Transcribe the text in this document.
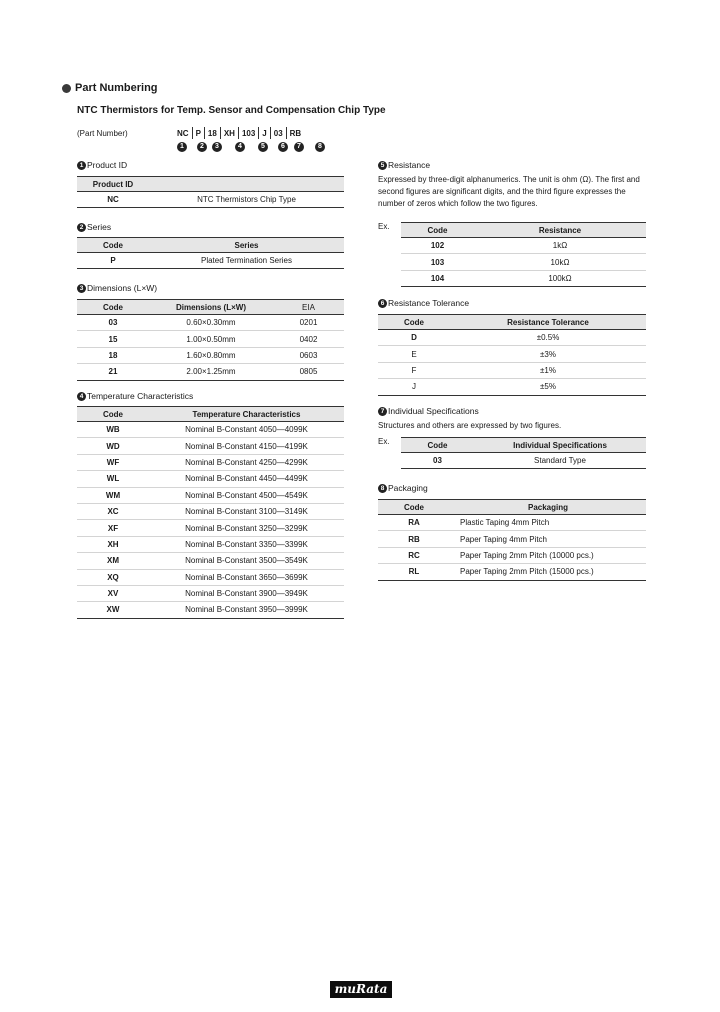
Part Numbering
NTC Thermistors for Temp. Sensor and Compensation Chip Type
(Part Number)	NC P 18 XH 103 J 03 RB
1	2	3	4	5	6	7	8
1 Product ID
Product ID	
NC	NTC Thermistors Chip Type
2 Series
Code	Series
P	Plated Termination Series
3 Dimensions (L×W)
Code	Dimensions (L×W)	EIA
03	0.60×0.30mm	0201
15	1.00×0.50mm	0402
18	1.60×0.80mm	0603
21	2.00×1.25mm	0805
4 Temperature Characteristics
Code	Temperature Characteristics
WB	Nominal B-Constant 4050—4099K
WD	Nominal B-Constant 4150—4199K
WF	Nominal B-Constant 4250—4299K
WL	Nominal B-Constant 4450—4499K
WM	Nominal B-Constant 4500—4549K
XC	Nominal B-Constant 3100—3149K
XF	Nominal B-Constant 3250—3299K
XH	Nominal B-Constant 3350—3399K
XM	Nominal B-Constant 3500—3549K
XQ	Nominal B-Constant 3650—3699K
XV	Nominal B-Constant 3900—3949K
XW	Nominal B-Constant 3950—3999K
5 Resistance
Expressed by three-digit alphanumerics. The unit is ohm (Ω). The first and second figures are significant digits, and the third figure expresses the number of zeros which follow the two figures.
Ex.	Code	Resistance
102	1kΩ
103	10kΩ
104	100kΩ
6 Resistance Tolerance
Code	Resistance Tolerance
D	±0.5%
E	±3%
F	±1%
J	±5%
7 Individual Specifications
Structures and others are expressed by two figures.
Ex.	Code	Individual Specifications
03	Standard Type
8 Packaging
Code	Packaging
RA	Plastic Taping 4mm Pitch
RB	Paper Taping 4mm Pitch
RC	Paper Taping 2mm Pitch (10000 pcs.)
RL	Paper Taping 2mm Pitch (15000 pcs.)
muRata
